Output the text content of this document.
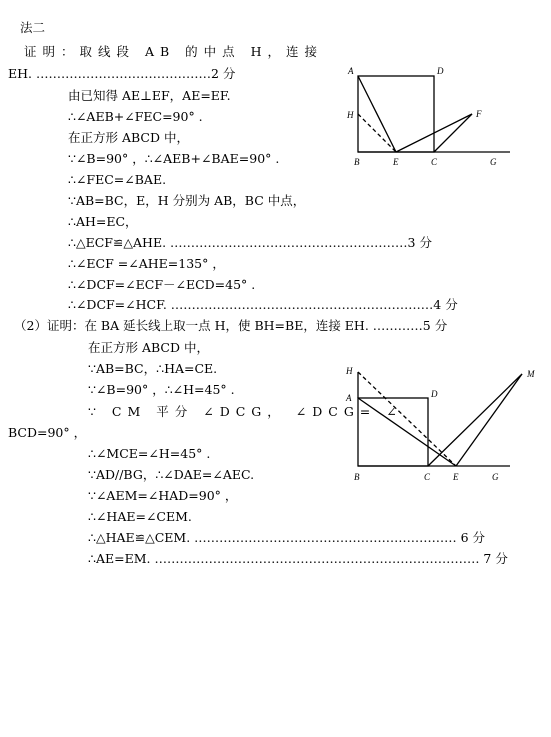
法二
证明：取线段 AB 的中点 H，连接
EH. ……………………………………2 分
由已知得 AE⊥EF，AE=EF.
∴∠AEB+∠FEC=90° .
在正方形 ABCD 中，
∵∠B=90° ，∴∠AEB+∠BAE=90° .
∴∠FEC=∠BAE.
∵AB=BC，E，H 分别为 AB，BC 中点，
∴AH=EC，
∴△ECF≌△AHE. …………………………………………………3 分
∴∠ECF =∠AHE=135° ，
∴∠DCF=∠ECF－∠ECD=45° .
∴∠DCF=∠HCF. ………………………………………………………4 分
（2）证明：在 BA 延长线上取一点 H，使 BH=BE，连接 EH. …………5 分
在正方形 ABCD 中，
∵AB=BC，∴HA=CE.
∵∠B=90° ，∴∠H=45° .
∵ CM 平分 ∠DCG， ∠DCG= ∠
BCD=90° ，
∴∠MCE=∠H=45° .
∵AD//BG，∴∠DAE=∠AEC.
∵∠AEM=∠HAD=90° ，
∴∠HAE=∠CEM.
∴△HAE≌△CEM. ……………………………………………………… 6 分
∴AE=EM. …………………………………………………………………… 7 分
A	D
H	F
B	E	C	G
H	M
A	D
B	C	E	G
